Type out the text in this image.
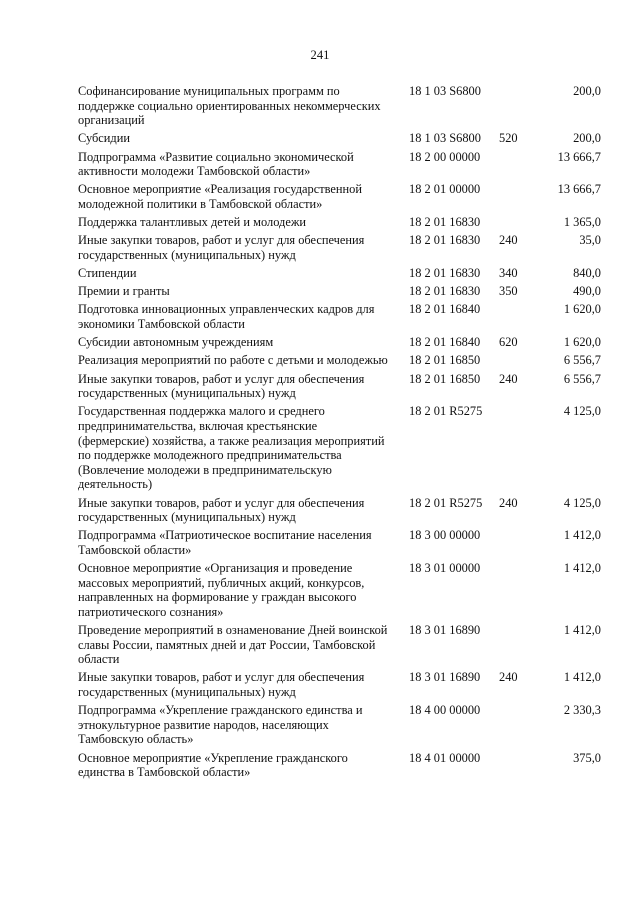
241
Софинансирование муниципальных программ по поддержке социально ориентированных некоммерческих организаций
18 1 03 S6800	200,0
Субсидии	18 1 03 S6800 520	200,0
Подпрограмма «Развитие социально экономической активности молодежи Тамбовской области»
18 2 00 00000	13 666,7
Основное мероприятие «Реализация государственной молодежной политики в Тамбовской области»
18 2 01 00000	13 666,7
Поддержка талантливых детей и молодежи	18 2 01 16830	1 365,0
Иные закупки товаров, работ и услуг для обеспечения государственных (муниципальных) нужд
18 2 01 16830 240	35,0
Стипендии	18 2 01 16830 340	840,0
Премии и гранты	18 2 01 16830 350	490,0
Подготовка инновационных управленческих кадров для экономики Тамбовской области
18 2 01 16840	1 620,0
Субсидии автономным учреждениям	18 2 01 16840 620	1 620,0
Реализация мероприятий по работе с детьми и молодежью 18 2 01 16850	6 556,7
Иные закупки товаров, работ и услуг для обеспечения государственных (муниципальных) нужд
18 2 01 16850 240	6 556,7
Государственная поддержка малого и среднего предпринимательства, включая крестьянские (фермерские) хозяйства, а также реализация мероприятий по поддержке молодежного предпринимательства (Вовлечение молодежи в предпринимательскую деятельность)
18 2 01 R5275	4 125,0
Иные закупки товаров, работ и услуг для обеспечения государственных (муниципальных) нужд
18 2 01 R5275 240	4 125,0
Подпрограмма «Патриотическое воспитание населения Тамбовской области»
18 3 00 00000	1 412,0
Основное мероприятие «Организация и проведение массовых мероприятий, публичных акций, конкурсов, направленных на формирование у граждан высокого патриотического сознания»
18 3 01 00000	1 412,0
Проведение мероприятий в ознаменование Дней воинской славы России, памятных дней и дат России, Тамбовской области
18 3 01 16890	1 412,0
Иные закупки товаров, работ и услуг для обеспечения государственных (муниципальных) нужд
18 3 01 16890 240	1 412,0
Подпрограмма «Укрепление гражданского единства и этнокультурное развитие народов, населяющих Тамбовскую область»
18 4 00 00000	2 330,3
Основное мероприятие «Укрепление гражданского единства в Тамбовской области»
18 4 01 00000	375,0
